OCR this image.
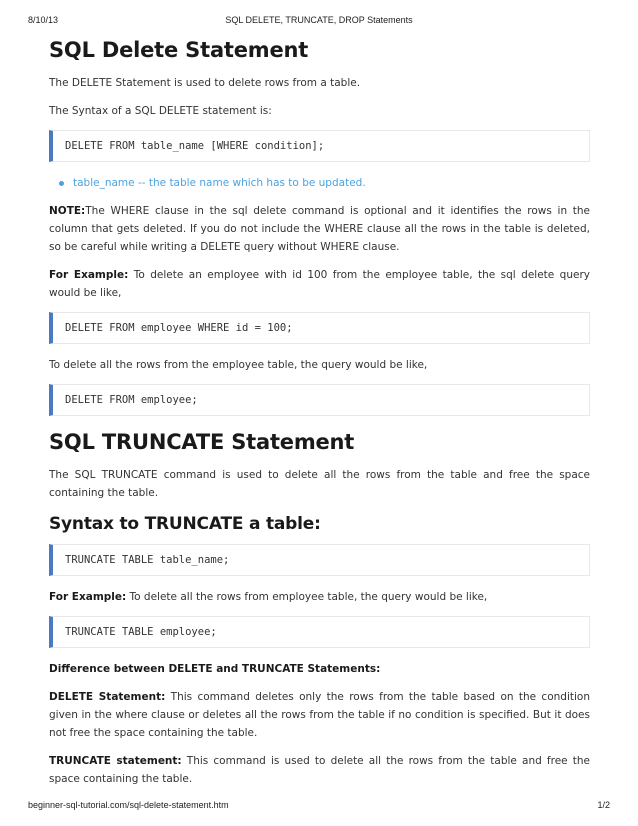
8/10/13	SQL DELETE, TRUNCATE, DROP Statements
SQL Delete Statement

The DELETE Statement is used to delete rows from a table.

The Syntax of a SQL DELETE statement is:

DELETE FROM table_name [WHERE condition];
table_name -- the table name which has to be updated.

NOTE:The WHERE clause in the sql delete command is optional and it identifies the rows in the column that gets deleted. If you do not include the WHERE clause all the rows in the table is deleted, so be careful while writing a DELETE query without WHERE clause.

For Example: To delete an employee with id 100 from the employee table, the sql delete query would be like,

DELETE FROM employee WHERE id = 100;

To delete all the rows from the employee table, the query would be like,

DELETE FROM employee;
SQL TRUNCATE Statement

The SQL TRUNCATE command is used to delete all the rows from the table and free the space containing the table.

Syntax to TRUNCATE a table:
TRUNCATE TABLE table_name;

For Example: To delete all the rows from employee table, the query would be like,

TRUNCATE TABLE employee;
Difference between DELETE and TRUNCATE Statements:

DELETE Statement: This command deletes only the rows from the table based on the condition given in the where clause or deletes all the rows from the table if no condition is specified. But it does not free the space containing the table.

TRUNCATE statement: This command is used to delete all the rows from the table and free the space containing the table.

beginner-sql-tutorial.com/sql-delete-statement.htm	1/2
